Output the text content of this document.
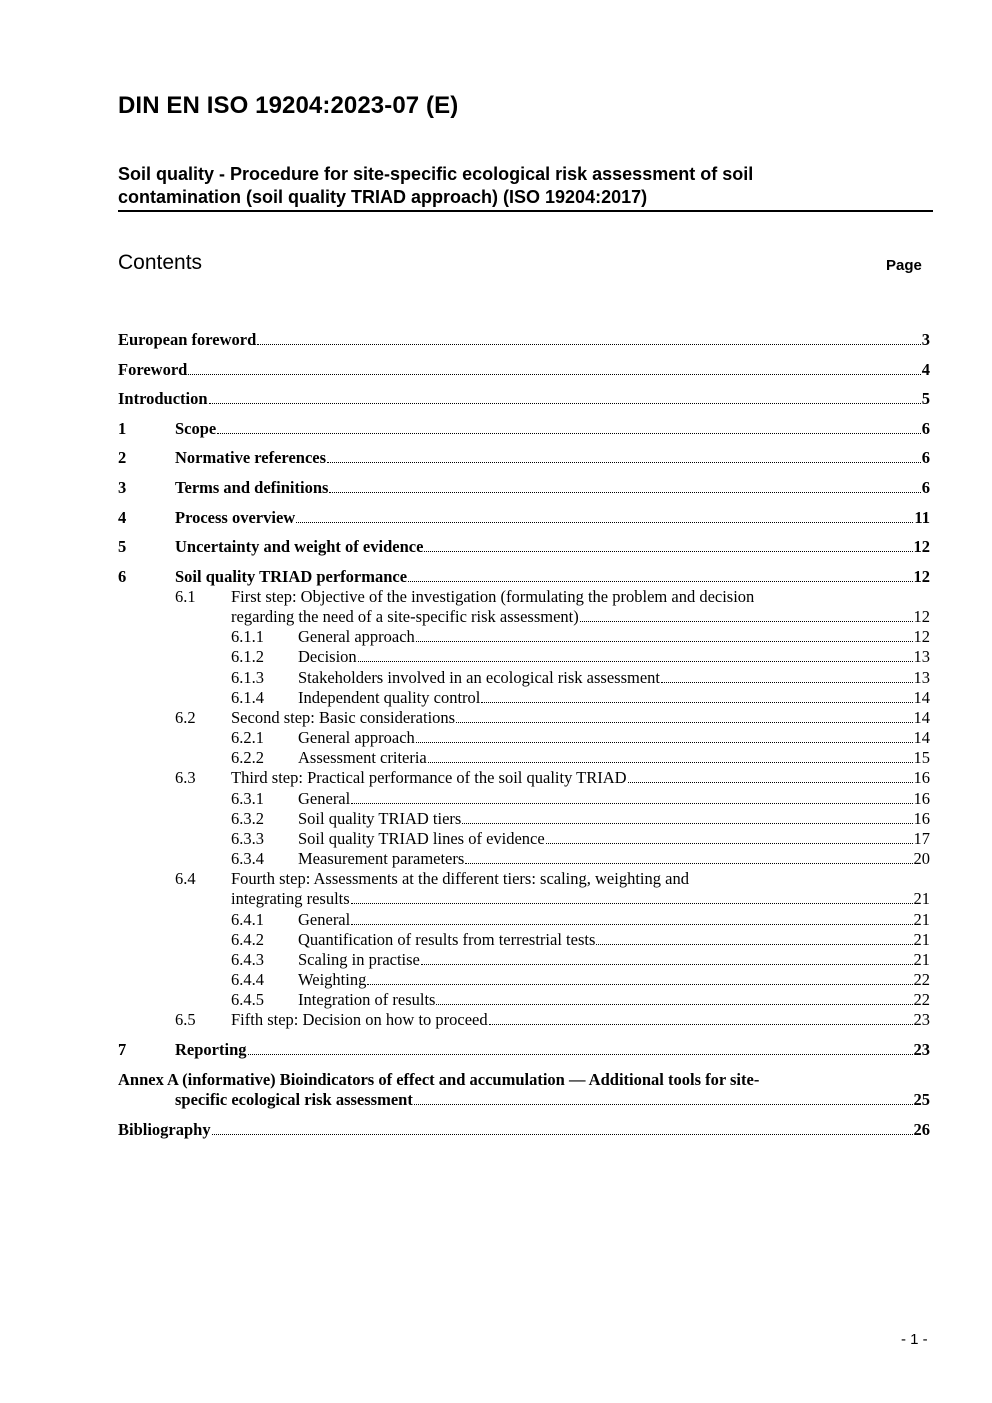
DIN EN ISO 19204:2023-07 (E)
Soil quality - Procedure for site-specific ecological risk assessment of soil
contamination (soil quality TRIAD approach) (ISO 19204:2017)
Contents	Page
European foreword	3
Foreword	4
Introduction	5
1	Scope	6
2	Normative references	6
3	Terms and definitions	6
4	Process overview	11
5	Uncertainty and weight of evidence	12
6	Soil quality TRIAD performance	12
6.1 First step: Objective of the investigation (formulating the problem and decision
regarding the need of a site-specific risk assessment)	12
6.1.1	General approach	12
6.1.2	Decision	13
6.1.3	Stakeholders involved in an ecological risk assessment	13
6.1.4	Independent quality control	14
6.2	Second step: Basic considerations	14
6.2.1	General approach	14
6.2.2	Assessment criteria	15
6.3	Third step: Practical performance of the soil quality TRIAD	16
6.3.1	General	16
6.3.2	Soil quality TRIAD tiers	16
6.3.3	Soil quality TRIAD lines of evidence	17
6.3.4	Measurement parameters	20
6.4 Fourth step: Assessments at the different tiers: scaling, weighting and
integrating results	21
6.4.1	General	21
6.4.2	Quantification of results from terrestrial tests	21
6.4.3	Scaling in practise	21
6.4.4	Weighting	22
6.4.5	Integration of results	22
6.5	Fifth step: Decision on how to proceed	23
7	Reporting	23
Annex A (informative) Bioindicators of effect and accumulation — Additional tools for site-
specific ecological risk assessment	25
Bibliography	26
- 1 -
